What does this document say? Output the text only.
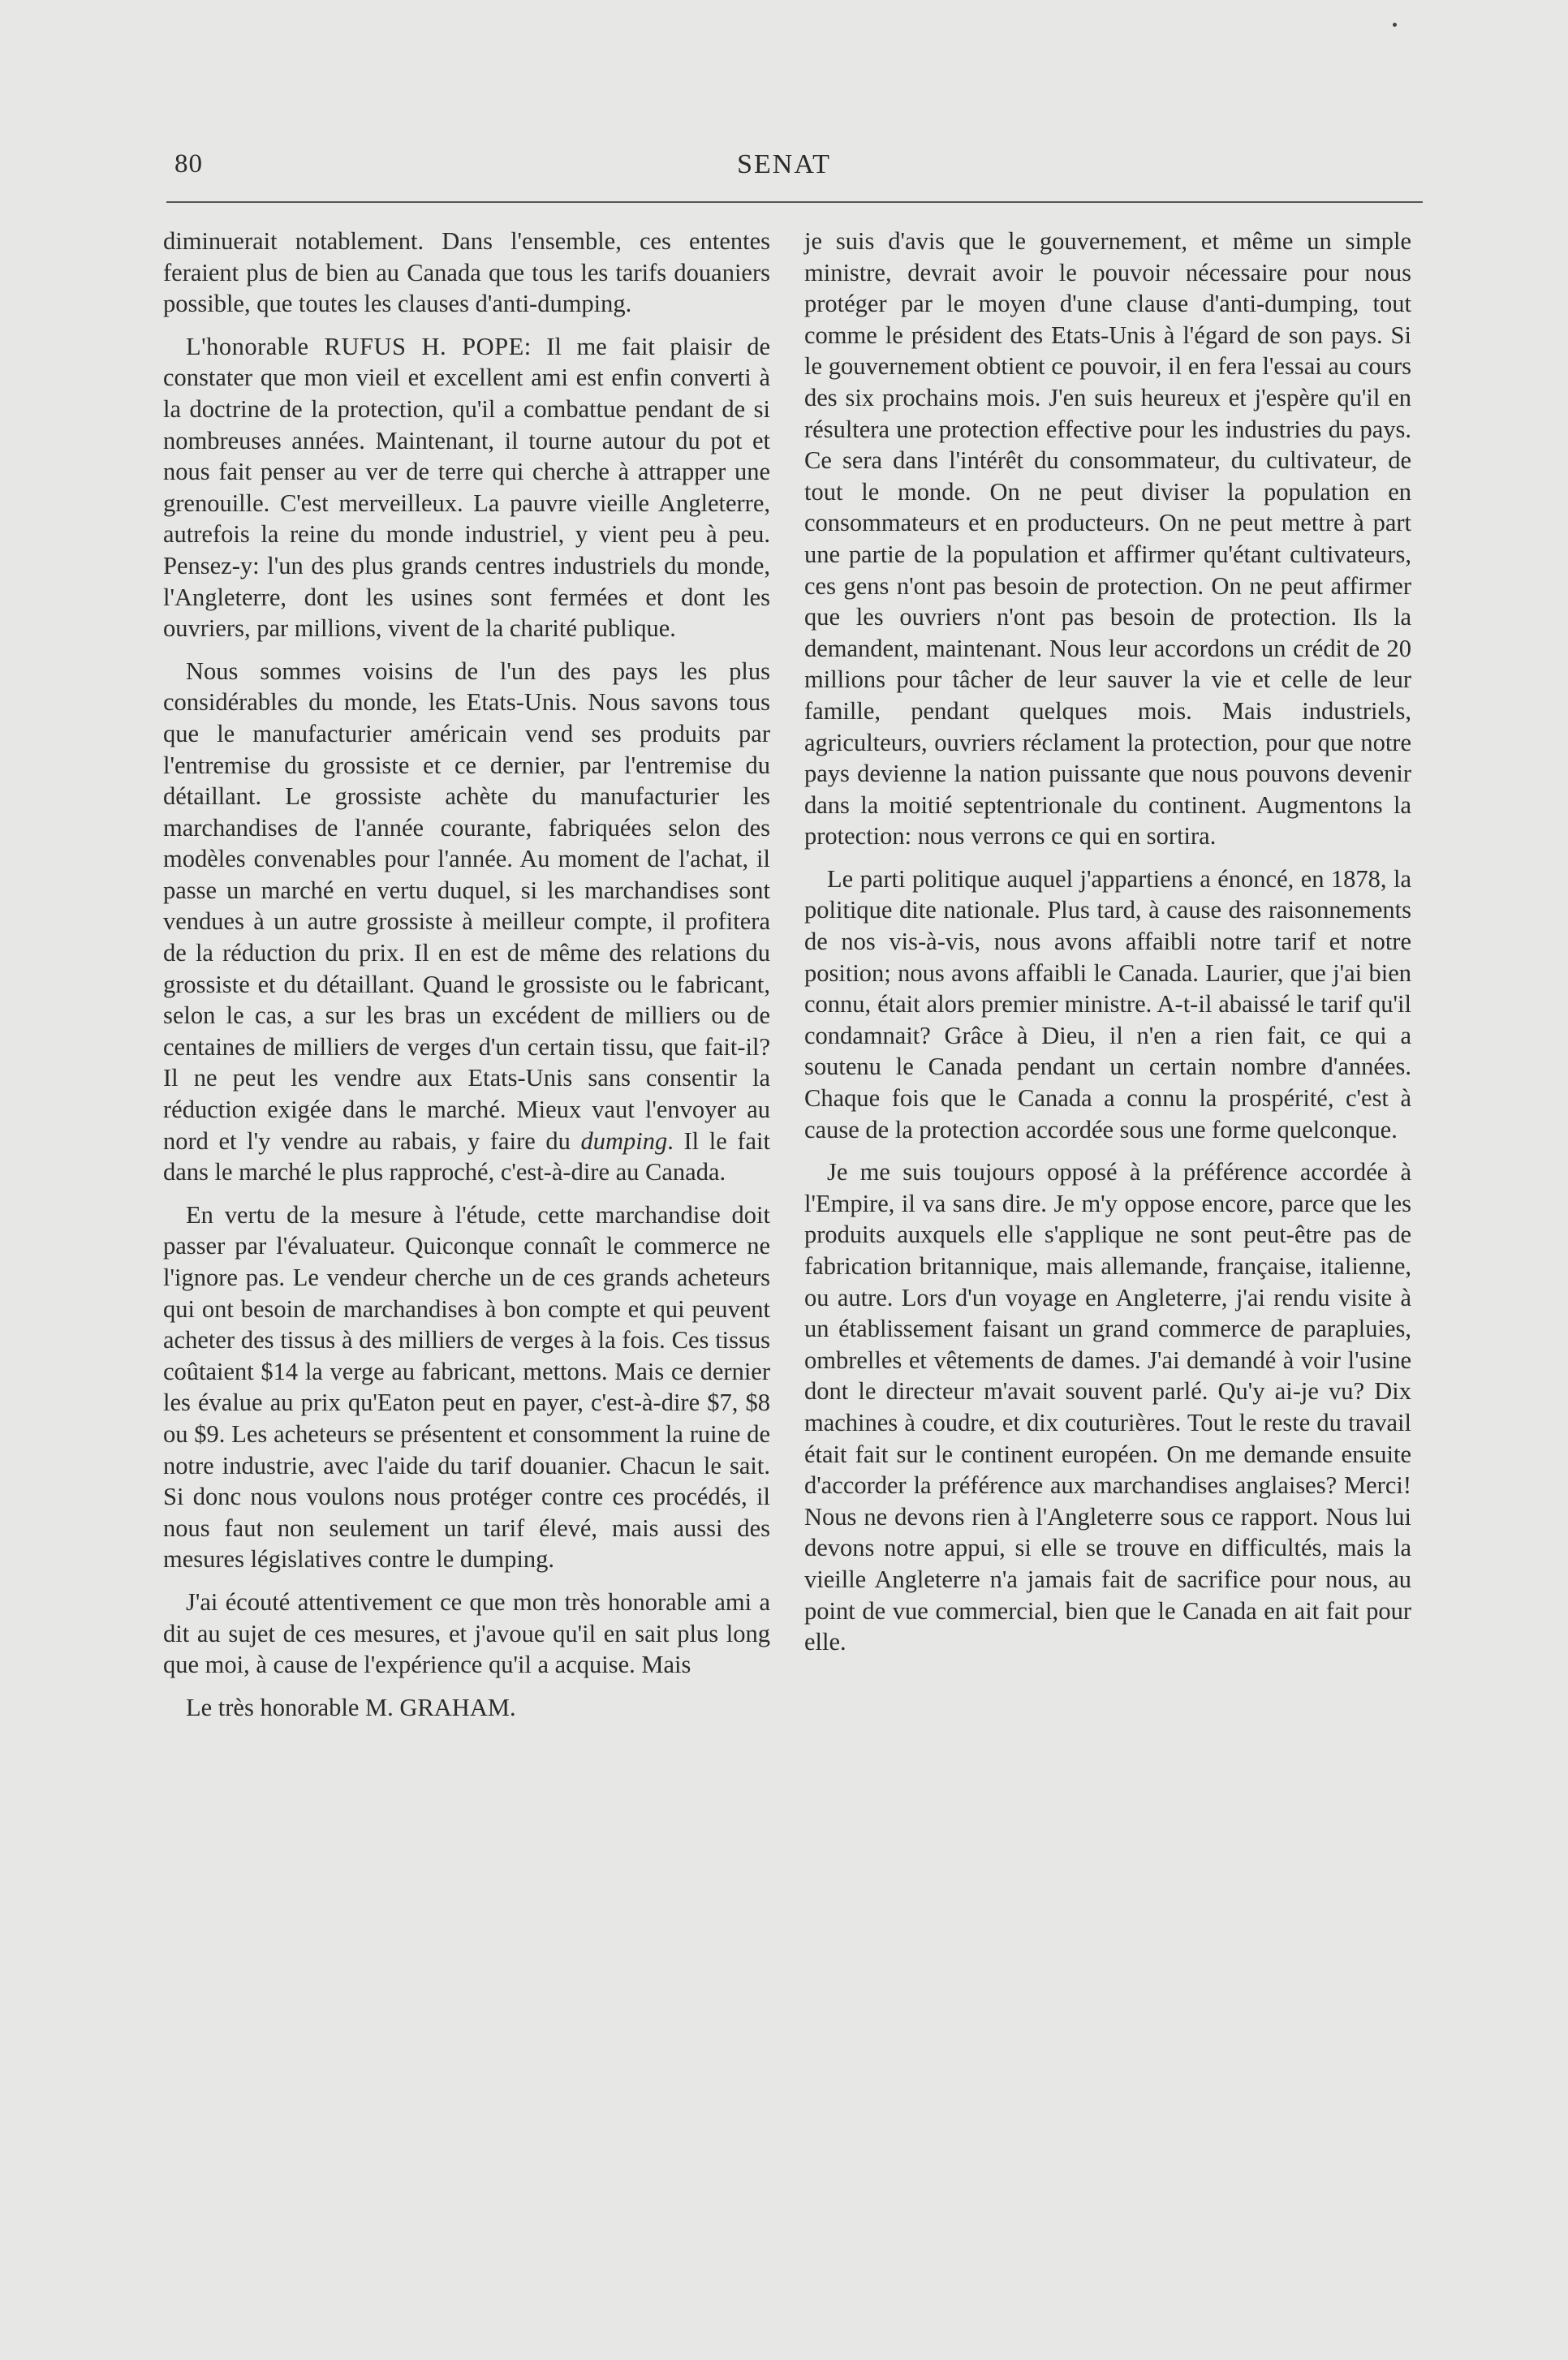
80	SENAT

diminuerait notablement. Dans l'ensemble, ces ententes feraient plus de bien au Canada que tous les tarifs douaniers possible, que toutes les clauses d'anti-dumping.

L'honorable RUFUS H. POPE: Il me fait plaisir de constater que mon vieil et excellent ami est enfin converti à la doctrine de la protection, qu'il a combattue pendant de si nombreuses années. Maintenant, il tourne autour du pot et nous fait penser au ver de terre qui cherche à attrapper une grenouille. C'est merveilleux. La pauvre vieille Angleterre, autrefois la reine du monde industriel, y vient peu à peu. Pensez-y: l'un des plus grands centres industriels du monde, l'Angleterre, dont les usines sont fermées et dont les ouvriers, par millions, vivent de la charité publique.

Nous sommes voisins de l'un des pays les plus considérables du monde, les Etats-Unis. Nous savons tous que le manufacturier américain vend ses produits par l'entremise du grossiste et ce dernier, par l'entremise du détaillant. Le grossiste achète du manufacturier les marchandises de l'année courante, fabriquées selon des modèles convenables pour l'année. Au moment de l'achat, il passe un marché en vertu duquel, si les marchandises sont vendues à un autre grossiste à meilleur compte, il profitera de la réduction du prix. Il en est de même des relations du grossiste et du détaillant. Quand le grossiste ou le fabricant, selon le cas, a sur les bras un excédent de milliers ou de centaines de milliers de verges d'un certain tissu, que fait-il? Il ne peut les vendre aux Etats-Unis sans consentir la réduction exigée dans le marché. Mieux vaut l'envoyer au nord et l'y vendre au rabais, y faire du dumping. Il le fait dans le marché le plus rapproché, c'est-à-dire au Canada.

En vertu de la mesure à l'étude, cette marchandise doit passer par l'évaluateur. Quiconque connaît le commerce ne l'ignore pas. Le vendeur cherche un de ces grands acheteurs qui ont besoin de marchandises à bon compte et qui peuvent acheter des tissus à des milliers de verges à la fois. Ces tissus coûtaient $14 la verge au fabricant, mettons. Mais ce dernier les évalue au prix qu'Eaton peut en payer, c'est-à-dire $7, $8 ou $9. Les acheteurs se présentent et consomment la ruine de notre industrie, avec l'aide du tarif douanier. Chacun le sait. Si donc nous voulons nous protéger contre ces procédés, il nous faut non seulement un tarif élevé, mais aussi des mesures législatives contre le dumping.

J'ai écouté attentivement ce que mon très honorable ami a dit au sujet de ces mesures, et j'avoue qu'il en sait plus long que moi, à cause de l'expérience qu'il a acquise. Mais

Le très honorable M. GRAHAM.

je suis d'avis que le gouvernement, et même un simple ministre, devrait avoir le pouvoir nécessaire pour nous protéger par le moyen d'une clause d'anti-dumping, tout comme le président des Etats-Unis à l'égard de son pays. Si le gouvernement obtient ce pouvoir, il en fera l'essai au cours des six prochains mois. J'en suis heureux et j'espère qu'il en résultera une protection effective pour les industries du pays. Ce sera dans l'intérêt du consommateur, du cultivateur, de tout le monde. On ne peut diviser la population en consommateurs et en producteurs. On ne peut mettre à part une partie de la population et affirmer qu'étant cultivateurs, ces gens n'ont pas besoin de protection. On ne peut affirmer que les ouvriers n'ont pas besoin de protection. Ils la demandent, maintenant. Nous leur accordons un crédit de 20 millions pour tâcher de leur sauver la vie et celle de leur famille, pendant quelques mois. Mais industriels, agriculteurs, ouvriers réclament la protection, pour que notre pays devienne la nation puissante que nous pouvons devenir dans la moitié septentrionale du continent. Augmentons la protection: nous verrons ce qui en sortira.

Le parti politique auquel j'appartiens a énoncé, en 1878, la politique dite nationale. Plus tard, à cause des raisonnements de nos vis-à-vis, nous avons affaibli notre tarif et notre position; nous avons affaibli le Canada. Laurier, que j'ai bien connu, était alors premier ministre. A-t-il abaissé le tarif qu'il condamnait? Grâce à Dieu, il n'en a rien fait, ce qui a soutenu le Canada pendant un certain nombre d'années. Chaque fois que le Canada a connu la prospérité, c'est à cause de la protection accordée sous une forme quelconque.

Je me suis toujours opposé à la préférence accordée à l'Empire, il va sans dire. Je m'y oppose encore, parce que les produits auxquels elle s'applique ne sont peut-être pas de fabrication britannique, mais allemande, française, italienne, ou autre. Lors d'un voyage en Angleterre, j'ai rendu visite à un établissement faisant un grand commerce de parapluies, ombrelles et vêtements de dames. J'ai demandé à voir l'usine dont le directeur m'avait souvent parlé. Qu'y ai-je vu? Dix machines à coudre, et dix couturières. Tout le reste du travail était fait sur le continent européen. On me demande ensuite d'accorder la préférence aux marchandises anglaises? Merci! Nous ne devons rien à l'Angleterre sous ce rapport. Nous lui devons notre appui, si elle se trouve en difficultés, mais la vieille Angleterre n'a jamais fait de sacrifice pour nous, au point de vue commercial, bien que le Canada en ait fait pour elle.
